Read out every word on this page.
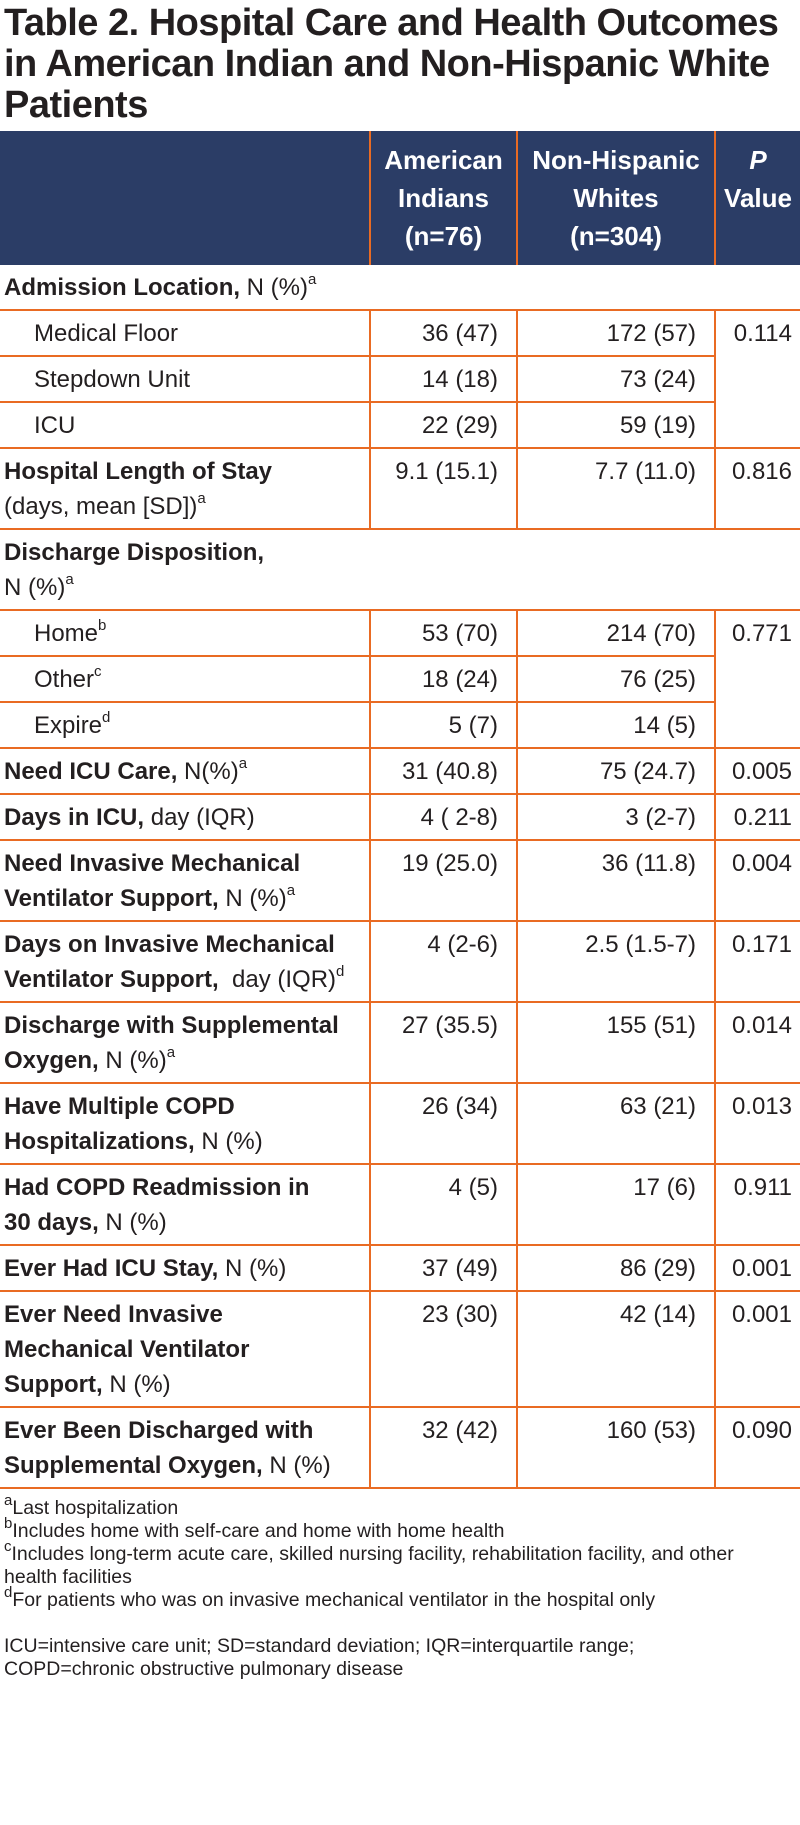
Table 2. Hospital Care and Health Outcomes
in American Indian and Non-Hispanic White
Patients

	American
Indians
(n=76)	Non-Hispanic
Whites
(n=304)	P
Value

Admission Location, N (%)$^a$
Medical Floor	36 (47)	172 (57)	0.114
Stepdown Unit	14 (18)	73 (24)	
ICU	22 (29)	59 (19)	
Hospital Length of Stay
(days, mean [SD])$^a$	9.1 (15.1)	7.7 (11.0)	0.816
Discharge Disposition,
N (%)$^a$
Home$^b$	53 (70)	214 (70)	0.771
Other$^c$	18 (24)	76 (25)	
Expire$^d$	5 (7)	14 (5)	
Need ICU Care, N(%)$^a$	31 (40.8)	75 (24.7)	0.005
Days in ICU, day (IQR)	4 ( 2-8)	3 (2-7)	0.211
Need Invasive Mechanical
Ventilator Support, N (%)$^a$	19 (25.0)	36 (11.8)	0.004
Days on Invasive Mechanical
Ventilator Support,  day (IQR)$^d$	4 (2-6)	2.5 (1.5-7)	0.171
Discharge with Supplemental
Oxygen, N (%)$^a$	27 (35.5)	155 (51)	0.014
Have Multiple COPD
Hospitalizations, N (%)	26 (34)	63 (21)	0.013
Had COPD Readmission in
30 days, N (%)	4 (5)	17 (6)	0.911
Ever Had ICU Stay, N (%)	37 (49)	86 (29)	0.001
Ever Need Invasive
Mechanical Ventilator
Support, N (%)	23 (30)	42 (14)	0.001
Ever Been Discharged with
Supplemental Oxygen, N (%)	32 (42)	160 (53)	0.090

$^a$Last hospitalization

$^b$Includes home with self-care and home with home health

$^c$Includes long-term acute care, skilled nursing facility, rehabilitation facility, and other
health facilities

$^d$For patients who was on invasive mechanical ventilator in the hospital only

ICU=intensive care unit; SD=standard deviation; IQR=interquartile range;
COPD=chronic obstructive pulmonary disease
